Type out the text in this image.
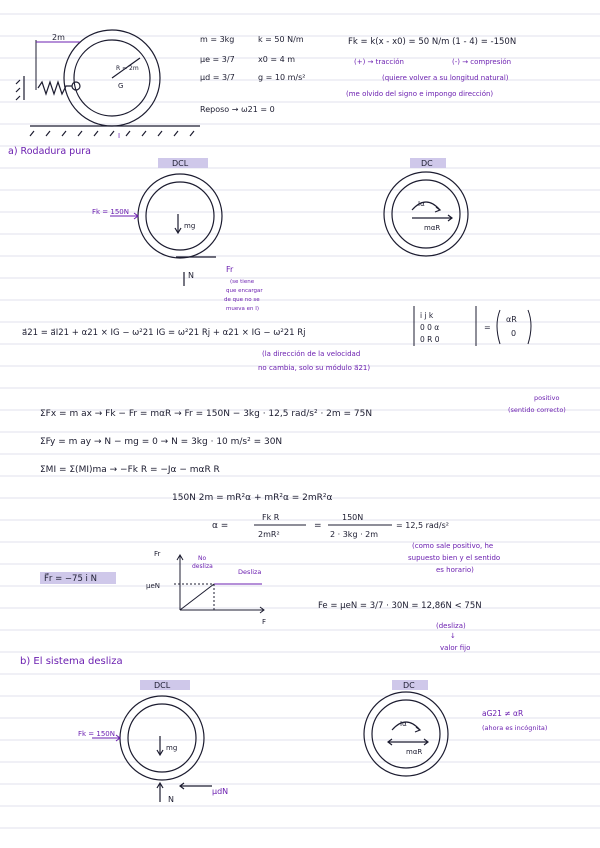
2m
R = 2m
G
I
m = 3kg	k = 50 N/m
μe = 3/7	x0 = 4 m
μd = 3/7	g = 10 m/s²
Reposo → ω21 = 0
Fk = k(x - x0) = 50 N/m (1 - 4) = -150N
(+) → tracción	(-) → compresión
(quiere volver a su longitud natural)
(me olvido del signo e impongo dirección)
a) Rodadura pura
DCL	DC
Fk = 150N
mg
N
Fr
(se tiene
que encargar
de que no se
mueva en I)
Iα
mαR
a⃗21 = a⃗I21 + α21 × IG − ω²21 IG = ω²21 Rj + α21 × IG − ω²21 Rj
i j k
0 0 α
0 R 0
=
αR
0
(la dirección de la velocidad
no cambia, solo su módulo a⃗21)
ΣFx = m ax → Fk − Fr = mαR → Fr = 150N − 3kg · 12,5 rad/s² · 2m = 75N
positivo
(sentido correcto)
ΣFy = m ay → N − mg = 0 → N = 3kg · 10 m/s² = 30N
ΣMI = Σ(MI)ma → −Fk R = −Jα − mαR R
150N 2m = mR²α + mR²α = 2mR²α
α =
Fk R
2mR²
=
150N
2 · 3kg · 2m
= 12,5 rad/s²
(como sale positivo, he
supuesto bien y el sentido
es horario)
F⃗r = −75 i N
Fr
F
μeN
No
desliza
Desliza
Fe = μeN = 3/7 · 30N = 12,86N < 75N
(desliza)
↓
valor fijo
b) El sistema desliza
DCL	DC
Fk = 150N
mg
N
μdN
Iα
mαR
aG21 ≠ αR
(ahora es incógnita)
